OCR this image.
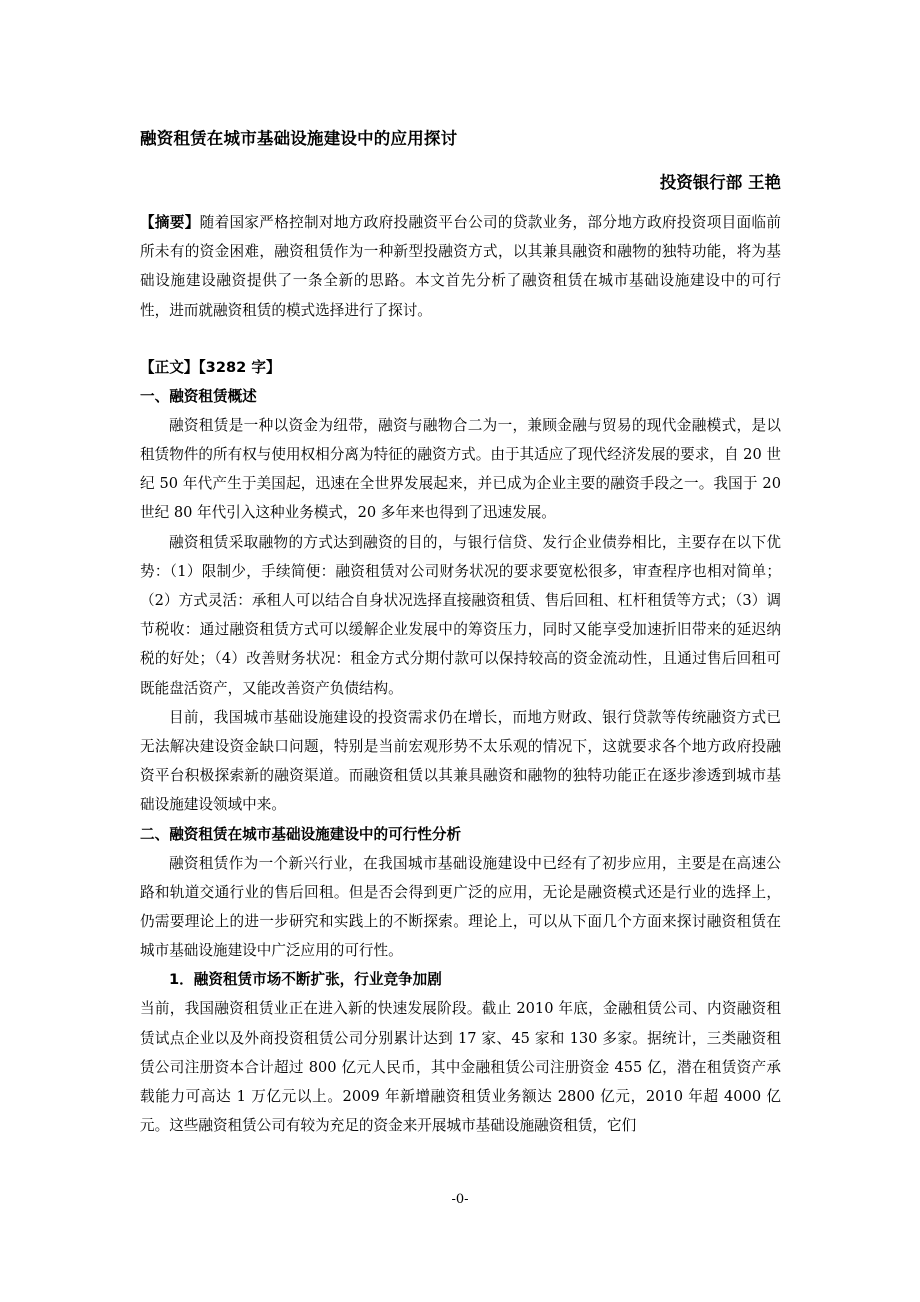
融资租赁在城市基础设施建设中的应用探讨
投资银行部 王艳

【摘要】随着国家严格控制对地方政府投融资平台公司的贷款业务，部分地方政府投资项目面临前所未有的资金困难，融资租赁作为一种新型投融资方式，以其兼具融资和融物的独特功能，将为基础设施建设融资提供了一条全新的思路。本文首先分析了融资租赁在城市基础设施建设中的可行性，进而就融资租赁的模式选择进行了探讨。

【正文】【3282 字】
一、融资租赁概述

融资租赁是一种以资金为纽带，融资与融物合二为一，兼顾金融与贸易的现代金融模式，是以租赁物件的所有权与使用权相分离为特征的融资方式。由于其适应了现代经济发展的要求，自 20 世纪 50 年代产生于美国起，迅速在全世界发展起来，并已成为企业主要的融资手段之一。我国于 20 世纪 80 年代引入这种业务模式，20 多年来也得到了迅速发展。

融资租赁采取融物的方式达到融资的目的，与银行信贷、发行企业债券相比，主要存在以下优势：（1）限制少，手续简便：融资租赁对公司财务状况的要求要宽松很多，审查程序也相对简单；（2）方式灵活：承租人可以结合自身状况选择直接融资租赁、售后回租、杠杆租赁等方式；（3）调节税收：通过融资租赁方式可以缓解企业发展中的筹资压力，同时又能享受加速折旧带来的延迟纳税的好处；（4）改善财务状况：租金方式分期付款可以保持较高的资金流动性，且通过售后回租可既能盘活资产，又能改善资产负债结构。

目前，我国城市基础设施建设的投资需求仍在增长，而地方财政、银行贷款等传统融资方式已无法解决建设资金缺口问题，特别是当前宏观形势不太乐观的情况下，这就要求各个地方政府投融资平台积极探索新的融资渠道。而融资租赁以其兼具融资和融物的独特功能正在逐步渗透到城市基础设施建设领域中来。

二、融资租赁在城市基础设施建设中的可行性分析

融资租赁作为一个新兴行业，在我国城市基础设施建设中已经有了初步应用，主要是在高速公路和轨道交通行业的售后回租。但是否会得到更广泛的应用，无论是融资模式还是行业的选择上，仍需要理论上的进一步研究和实践上的不断探索。理论上，可以从下面几个方面来探讨融资租赁在城市基础设施建设中广泛应用的可行性。

1．融资租赁市场不断扩张，行业竞争加剧

当前，我国融资租赁业正在进入新的快速发展阶段。截止 2010 年底，金融租赁公司、内资融资租赁试点企业以及外商投资租赁公司分别累计达到 17 家、45 家和 130 多家。据统计，三类融资租赁公司注册资本合计超过 800 亿元人民币，其中金融租赁公司注册资金 455 亿，潜在租赁资产承载能力可高达 1 万亿元以上。2009 年新增融资租赁业务额达 2800 亿元，2010 年超 4000 亿元。这些融资租赁公司有较为充足的资金来开展城市基础设施融资租赁，它们

-0-
